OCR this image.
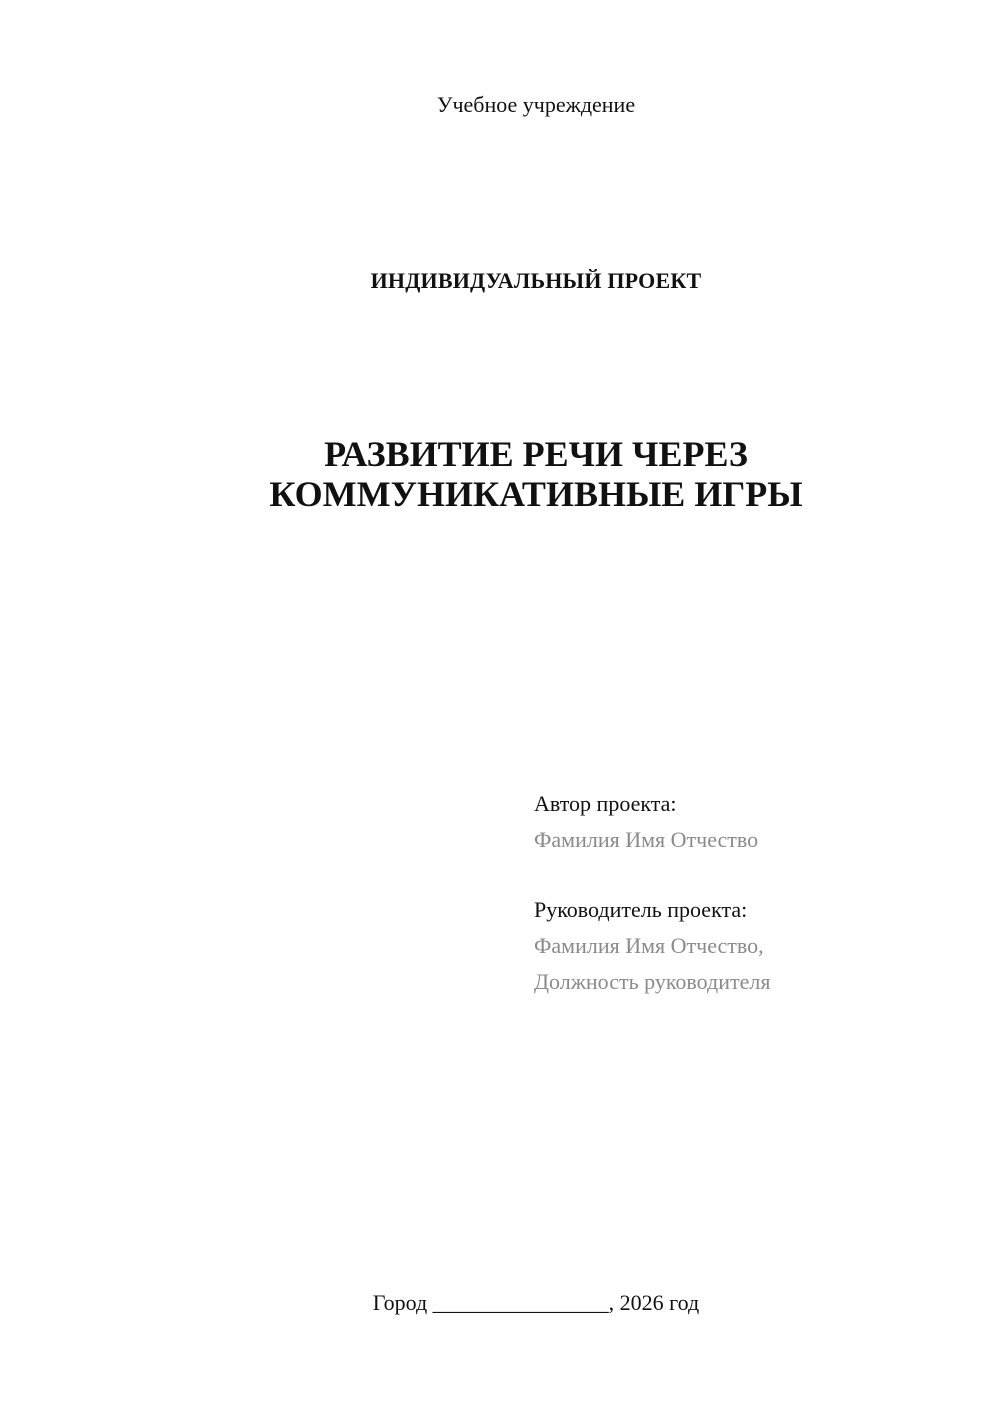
Учебное учреждение
ИНДИВИДУАЛЬНЫЙ ПРОЕКТ
РАЗВИТИЕ РЕЧИ ЧЕРЕЗ
КОММУНИКАТИВНЫЕ ИГРЫ
Автор проекта:
Фамилия Имя Отчество
Руководитель проекта:
Фамилия Имя Отчество,
Должность руководителя
Город ________________, 2026 год
